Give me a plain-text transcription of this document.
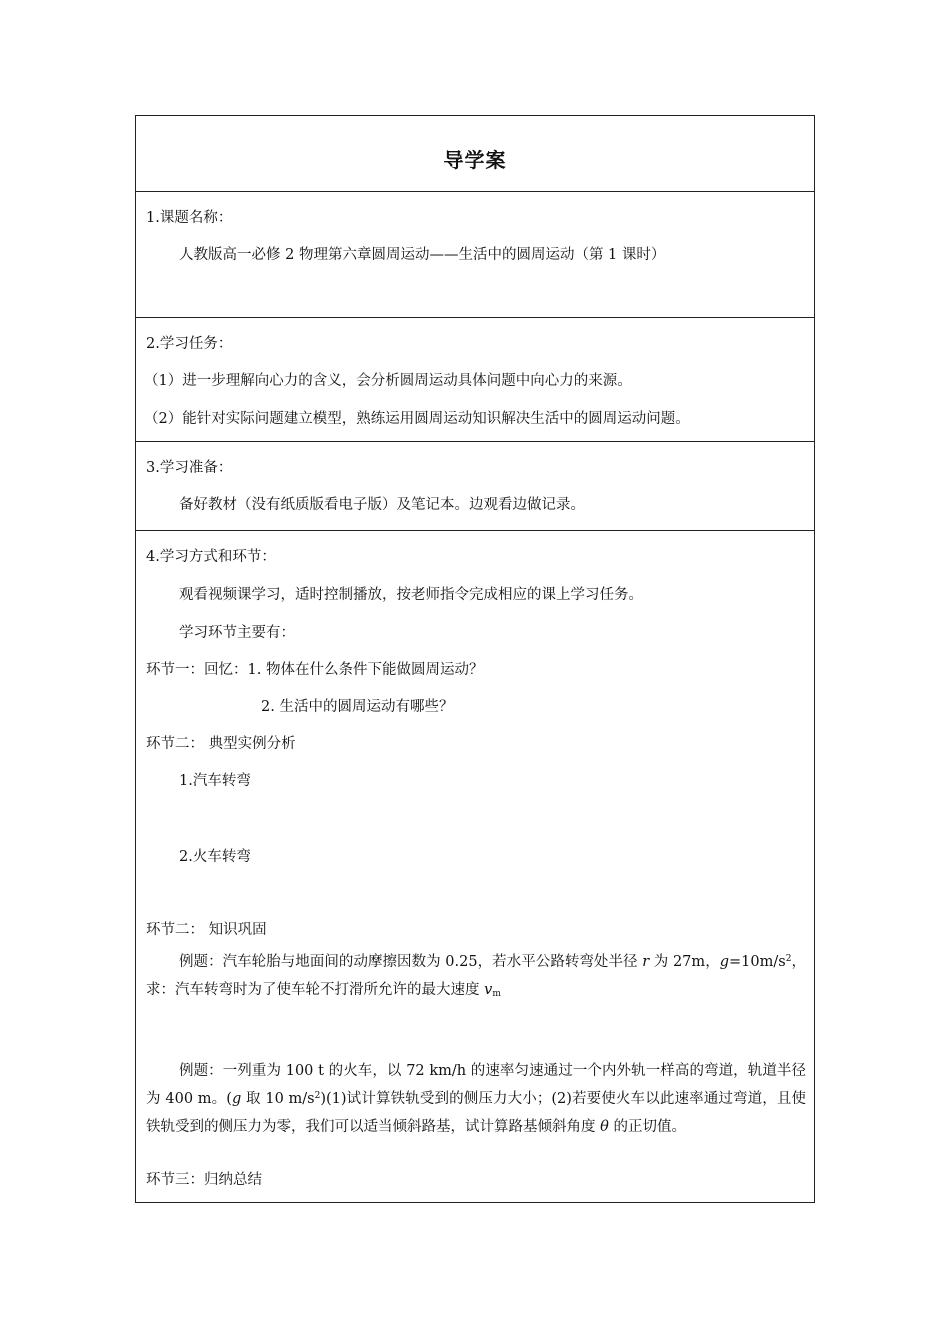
导学案
1.课题名称：
人教版高一必修 2 物理第六章圆周运动——生活中的圆周运动（第 1 课时）
2.学习任务：
（1）进一步理解向心力的含义，会分析圆周运动具体问题中向心力的来源。
（2）能针对实际问题建立模型，熟练运用圆周运动知识解决生活中的圆周运动问题。
3.学习准备：
备好教材（没有纸质版看电子版）及笔记本。边观看边做记录。
4.学习方式和环节：
观看视频课学习，适时控制播放，按老师指令完成相应的课上学习任务。
学习环节主要有：
环节一：回忆：1. 物体在什么条件下能做圆周运动？
2. 生活中的圆周运动有哪些？
环节二： 典型实例分析
1.汽车转弯
2.火车转弯
环节二： 知识巩固
例题：汽车轮胎与地面间的动摩擦因数为 0.25，若水平公路转弯处半径 r 为 27m，$g=10m/s^2$，求：汽车转弯时为了使车轮不打滑所允许的最大速度 $v_m$
例题：一列重为 100 t 的火车，以 72 km/h 的速率匀速通过一个内外轨一样高的弯道，轨道半径为 400 m。(g 取 10 $m/s^2)(1)$试计算铁轨受到的侧压力大小；(2)若要使火车以此速率通过弯道，且使铁轨受到的侧压力为零，我们可以适当倾斜路基，试计算路基倾斜角度 θ 的正切值。
环节三：归纳总结
